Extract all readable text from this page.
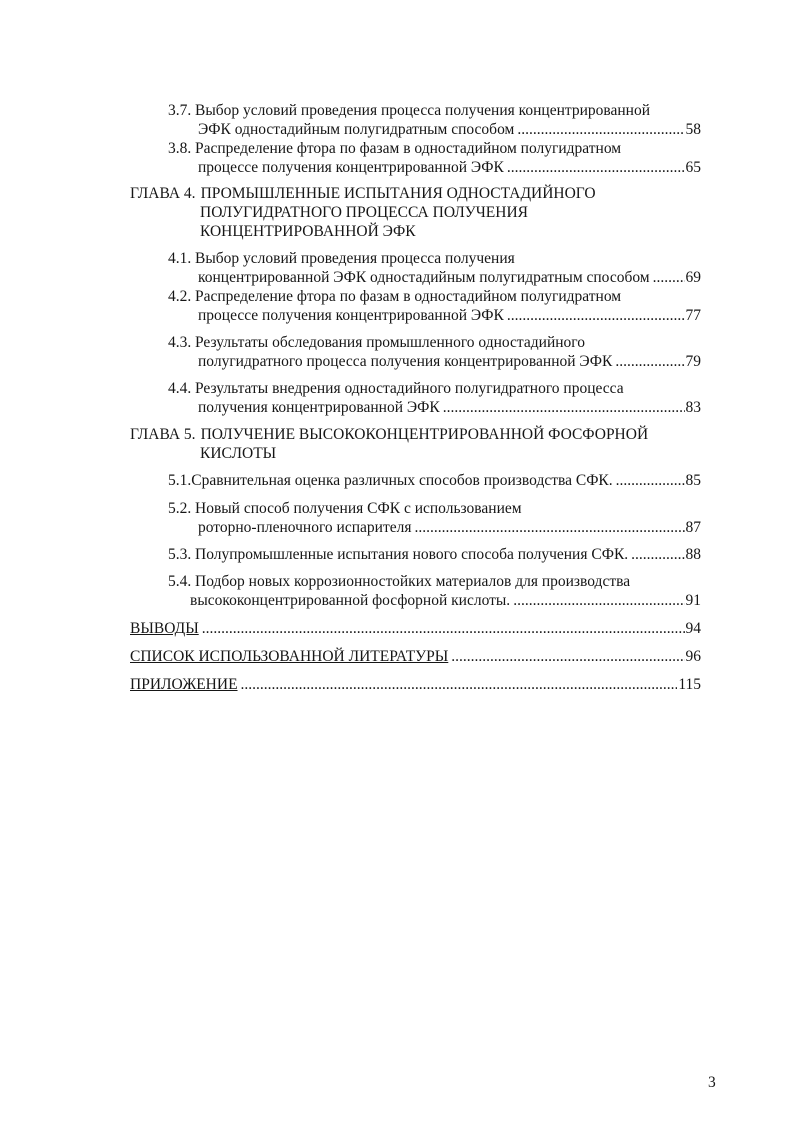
3.7. Выбор условий проведения процесса получения концентрированной
ЭФК одностадийным полугидратным способом .....	58
3.8. Распределение фтора по фазам в одностадийном полугидратном
процессе получения концентрированной ЭФК .....	65
ГЛАВА 4. ПРОМЫШЛЕННЫЕ ИСПЫТАНИЯ ОДНОСТАДИЙНОГО
ПОЛУГИДРАТНОГО ПРОЦЕССА ПОЛУЧЕНИЯ
КОНЦЕНТРИРОВАННОЙ ЭФК
4.1. Выбор условий проведения процесса получения
концентрированной ЭФК одностадийным полугидратным способом ..... 69
4.2. Распределение фтора по фазам в одностадийном полугидратном
процессе получения концентрированной ЭФК .....	77
4.3. Результаты обследования промышленного одностадийного
полугидратного процесса получения концентрированной ЭФК .....	79
4.4. Результаты внедрения одностадийного полугидратного процесса
получения концентрированной ЭФК .....	83
ГЛАВА 5. ПОЛУЧЕНИЕ ВЫСОКОКОНЦЕНТРИРОВАННОЙ ФОСФОРНОЙ
КИСЛОТЫ
5.1. Сравнительная оценка различных способов производства СФК. .....	85
5.2. Новый способ получения СФК с использованием
роторно-пленочного испарителя .....	87
5.3. Полупромышленные испытания нового способа получения СФК. .....	88
5.4. Подбор новых коррозионностойких материалов для производства
высококонцентрированной фосфорной кислоты. .....	91
ВЫВОДЫ .....	94
СПИСОК ИСПОЛЬЗОВАННОЙ ЛИТЕРАТУРЫ .....	96
ПРИЛОЖЕНИЕ .....	115
3
